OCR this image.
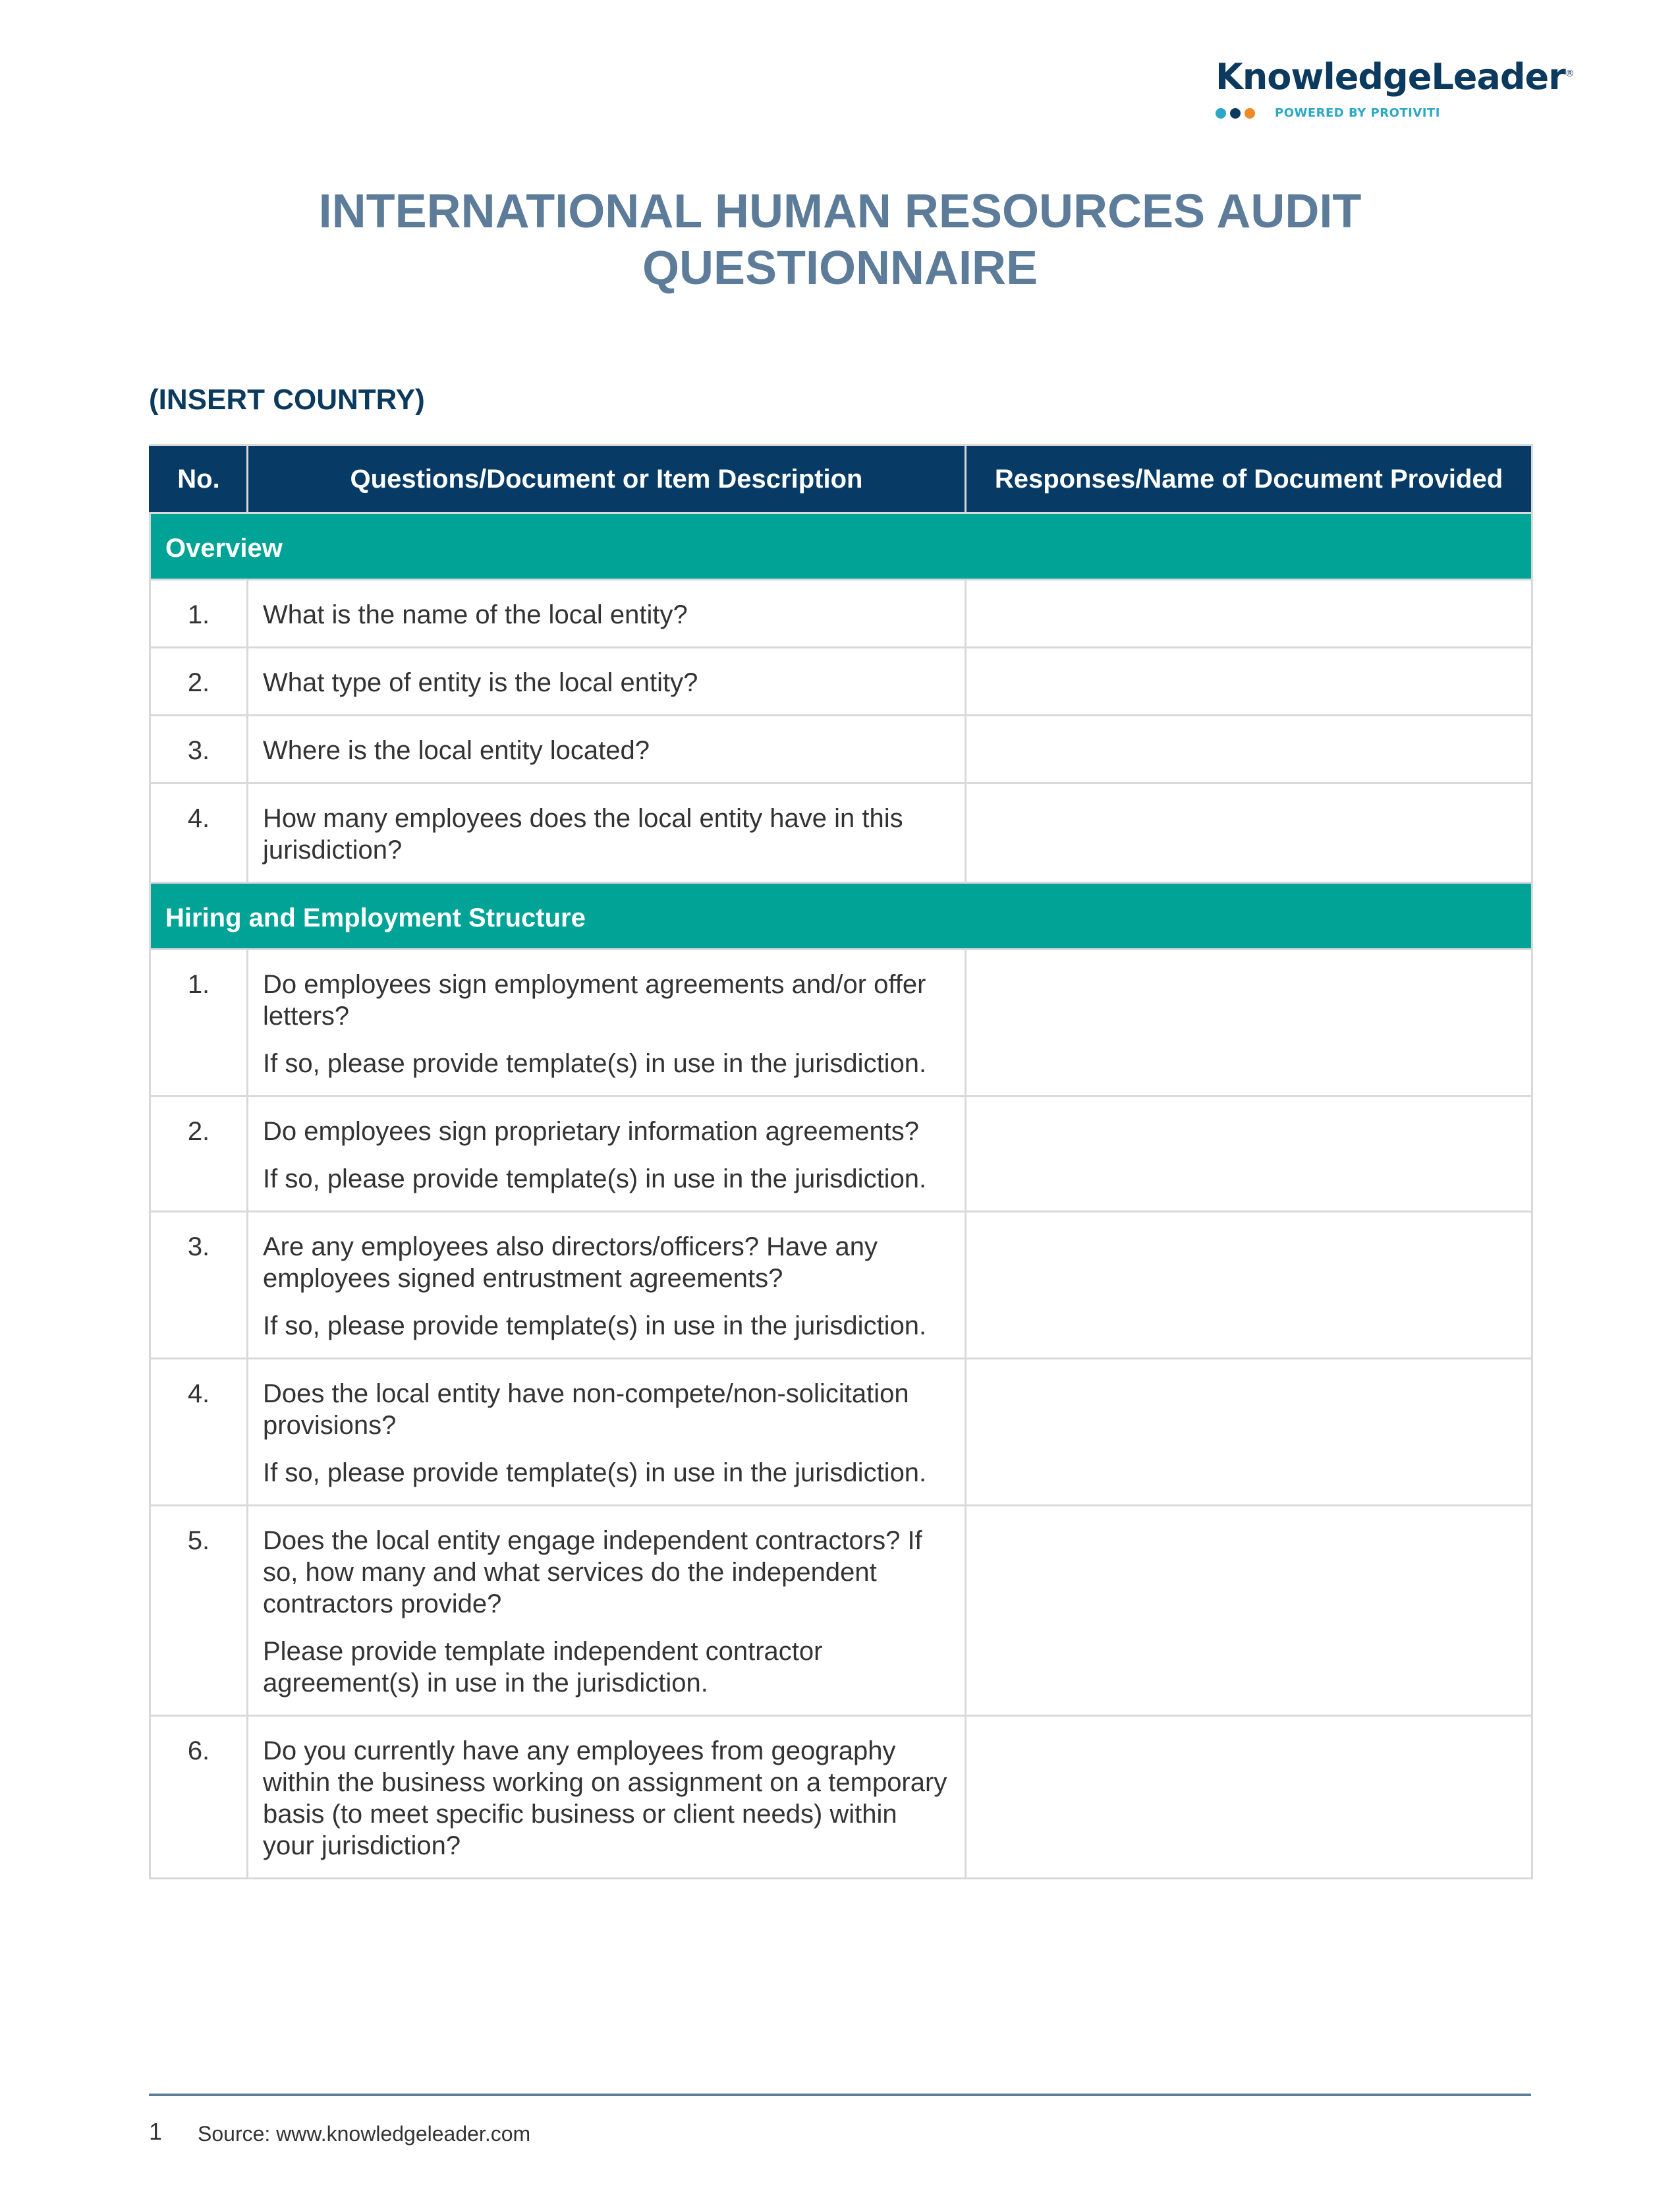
KnowledgeLeader®
POWERED BY PROTIVITI
INTERNATIONAL HUMAN RESOURCES AUDIT
QUESTIONNAIRE
(INSERT COUNTRY)
No.	Questions/Document or Item Description	Responses/Name of Document Provided
Overview		
1.	What is the name of the local entity?	

2.	What type of entity is the local entity?	

3.	Where is the local entity located?	

4.	How many employees does the local entity have in this jurisdiction?	

Hiring and Employment Structure		
1.	Do employees sign employment agreements and/or offer letters?

If so, please provide template(s) in use in the jurisdiction.	

2.	Do employees sign proprietary information agreements?

If so, please provide template(s) in use in the jurisdiction.	

3.	Are any employees also directors/officers? Have any employees signed entrustment agreements?

If so, please provide template(s) in use in the jurisdiction.	

4.	Does the local entity have non-compete/non-solicitation provisions?

If so, please provide template(s) in use in the jurisdiction.	

5.	Does the local entity engage independent contractors? If so, how many and what services do the independent contractors provide?

Please provide template independent contractor agreement(s) in use in the jurisdiction.	

6.	Do you currently have any employees from geography within the business working on assignment on a temporary basis (to meet specific business or client needs) within your jurisdiction?	

1 Source: www.knowledgeleader.com
